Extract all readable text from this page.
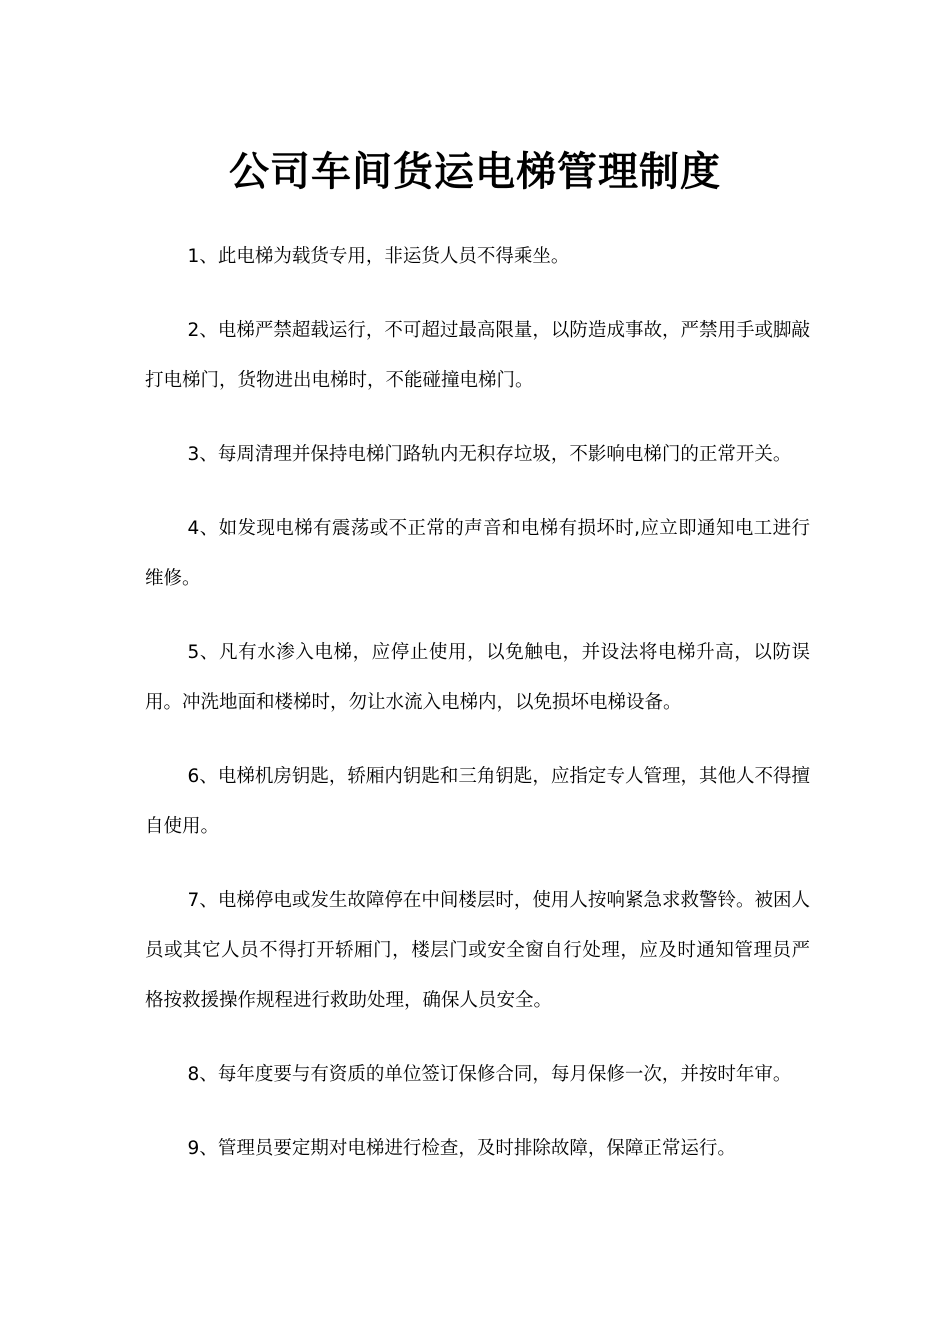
公司车间货运电梯管理制度

1、此电梯为载货专用，非运货人员不得乘坐。

2、电梯严禁超载运行，不可超过最高限量，以防造成事故，严禁用手或脚敲打电梯门，货物进出电梯时，不能碰撞电梯门。

3、每周清理并保持电梯门路轨内无积存垃圾，不影响电梯门的正常开关。

4、如发现电梯有震荡或不正常的声音和电梯有损坏时,应立即通知电工进行维修。

5、凡有水渗入电梯，应停止使用，以免触电，并设法将电梯升高，以防误用。冲洗地面和楼梯时，勿让水流入电梯内，以免损坏电梯设备。

6、电梯机房钥匙，轿厢内钥匙和三角钥匙，应指定专人管理，其他人不得擅自使用。

7、电梯停电或发生故障停在中间楼层时，使用人按响紧急求救警铃。被困人员或其它人员不得打开轿厢门，楼层门或安全窗自行处理，应及时通知管理员严格按救援操作规程进行救助处理，确保人员安全。

8、每年度要与有资质的单位签订保修合同，每月保修一次，并按时年审。

9、管理员要定期对电梯进行检查，及时排除故障，保障正常运行。
